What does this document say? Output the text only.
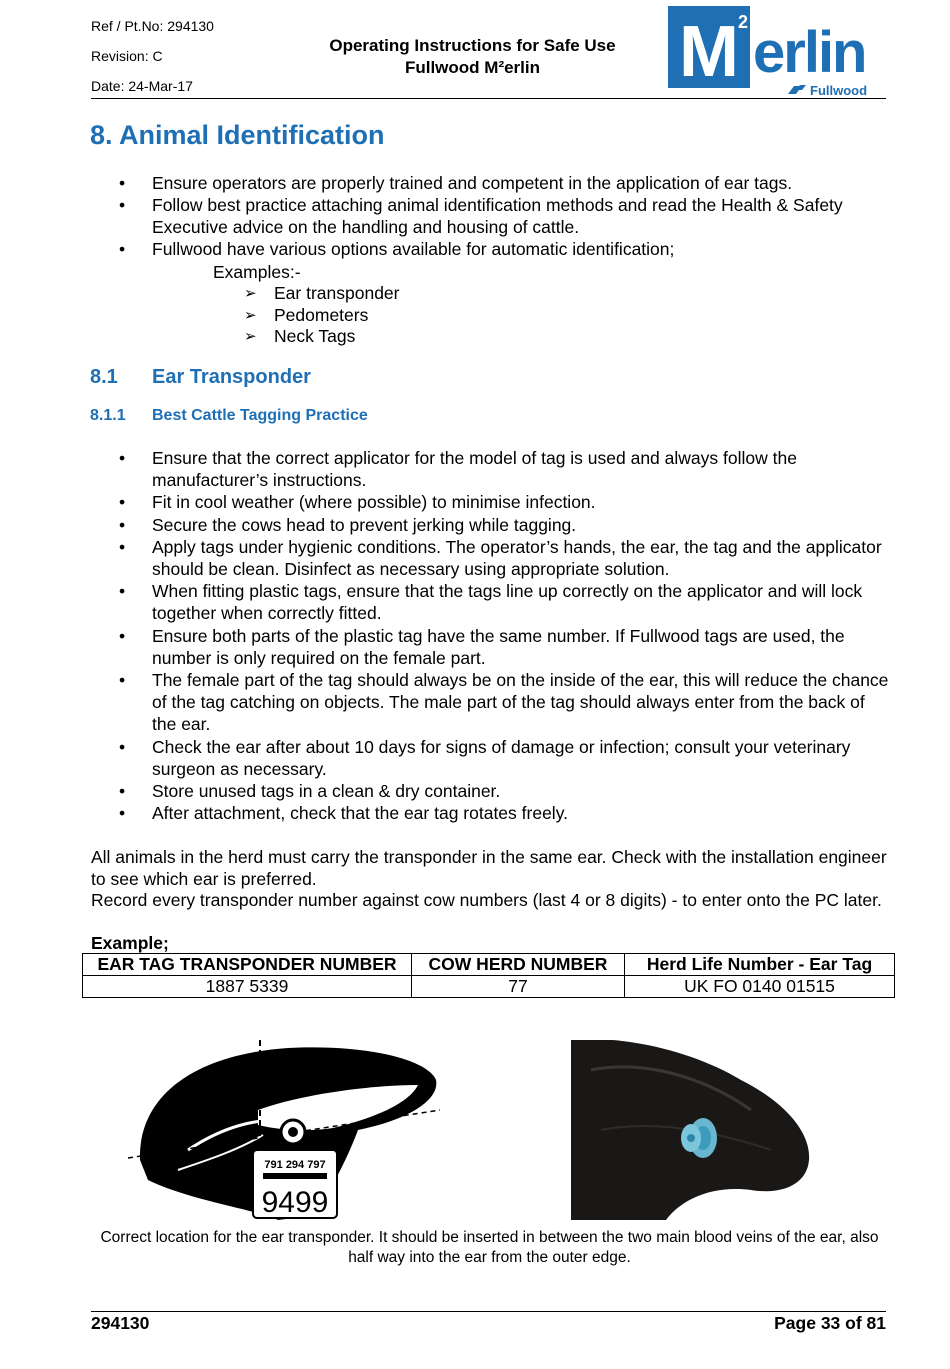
Ref / Pt.No: 294130
Revision: C
Date: 24-Mar-17
Operating Instructions for Safe Use
Fullwood M²erlin	M 2 erlin
Fullwood
8. Animal Identification
• Ensure operators are properly trained and competent in the application of ear tags.
• Follow best practice attaching animal identification methods and read the Health & Safety Executive advice on the handling and housing of cattle.
• Fullwood have various options available for automatic identification;
Examples:-
➢ Ear transponder
➢ Pedometers
➢ Neck Tags
8.1 Ear Transponder
8.1.1 Best Cattle Tagging Practice
• Ensure that the correct applicator for the model of tag is used and always follow the manufacturer’s instructions.
• Fit in cool weather (where possible) to minimise infection.
• Secure the cows head to prevent jerking while tagging.
• Apply tags under hygienic conditions. The operator’s hands, the ear, the tag and the applicator should be clean. Disinfect as necessary using appropriate solution.
• When fitting plastic tags, ensure that the tags line up correctly on the applicator and will lock together when correctly fitted.
• Ensure both parts of the plastic tag have the same number. If Fullwood tags are used, the number is only required on the female part.
• The female part of the tag should always be on the inside of the ear, this will reduce the chance of the tag catching on objects. The male part of the tag should always enter from the back of the ear.
• Check the ear after about 10 days for signs of damage or infection; consult your veterinary surgeon as necessary.
• Store unused tags in a clean & dry container.
• After attachment, check that the ear tag rotates freely.
All animals in the herd must carry the transponder in the same ear. Check with the installation engineer to see which ear is preferred.
Record every transponder number against cow numbers (last 4 or 8 digits) - to enter onto the PC later.
Example;
EAR TAG TRANSPONDER NUMBER	COW HERD NUMBER	Herd Life Number - Ear Tag
1887 5339	77	UK FO 0140 01515
791 294 797
9499
Correct location for the ear transponder. It should be inserted in between the two main blood veins of the ear, also half way into the ear from the outer edge.
294130	Page 33 of 81
